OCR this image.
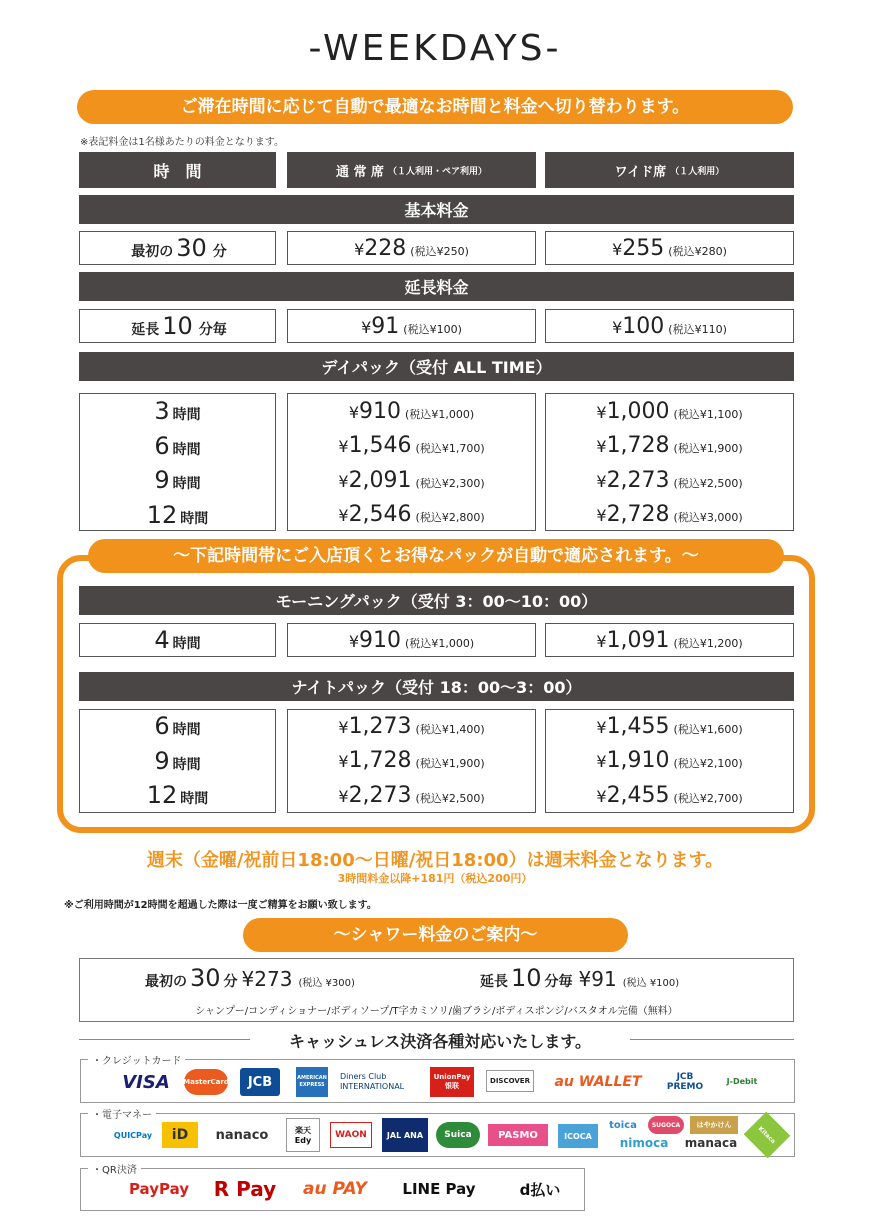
-WEEKDAYS-
ご滞在時間に応じて自動で最適なお時間と料金へ切り替わります。
※表記料金は1名様あたりの料金となります。
時　間	通 常 席 （１人利用・ペア利用）	ワイド席 （１人利用）
基本料金
最初の 30 分	¥ 228 (税込¥250)	¥ 255 (税込¥280)
延長料金
延長 10 分毎	¥ 91 (税込¥100)	¥ 100 (税込¥110)
デイパック（受付 ALL TIME）
3 時間	¥ 910 (税込¥1,000)	¥ 1,000 (税込¥1,100)
6 時間	¥ 1,546 (税込¥1,700)	¥ 1,728 (税込¥1,900)
9 時間	¥ 2,091 (税込¥2,300)	¥ 2,273 (税込¥2,500)
12 時間	¥ 2,546 (税込¥2,800)	¥ 2,728 (税込¥3,000)
～下記時間帯にご入店頂くとお得なパックが自動で適応されます。～
モーニングパック（受付 3：00～10：00）
4 時間	¥ 910 (税込¥1,000)	¥ 1,091 (税込¥1,200)
ナイトパック（受付 18：00～3：00）
6 時間	¥ 1,273 (税込¥1,400)	¥ 1,455 (税込¥1,600)
9 時間	¥ 1,728 (税込¥1,900)	¥ 1,910 (税込¥2,100)
12 時間	¥ 2,273 (税込¥2,500)	¥ 2,455 (税込¥2,700)
週末（金曜/祝前日18:00～日曜/祝日18:00）は週末料金となります。
3時間料金以降+181円（税込200円）
※ご利用時間が12時間を超過した際は一度ご精算をお願い致します。
～シャワー料金のご案内～
最初の 30 分 ¥273 (税込 ¥300)	延長 10 分毎 ¥91 (税込 ¥100)
シャンプー/コンディショナー/ボディソープ/T字カミソリ/歯ブラシ/ボディスポンジ/バスタオル完備（無料）
キャッシュレス決済各種対応いたします。
・クレジットカード
・電子マネー
・QR決済
VISA	MasterCard	JCB	AMERICAN EXPRESS
Diners Club INTERNATIONAL
UnionPay 银联
DISCOVER	au WALLET	JCB PREMO
J-Debit
QUICPay	iD	nanaco	楽天 Edy
WAON	JAL ANA	Suica	PASMO	ICOCA
toica	SUGOCA	はやかけん
nimoca	manaca	Kitaca
PayPay	R Pay	au PAY	LINE Pay	d払い
